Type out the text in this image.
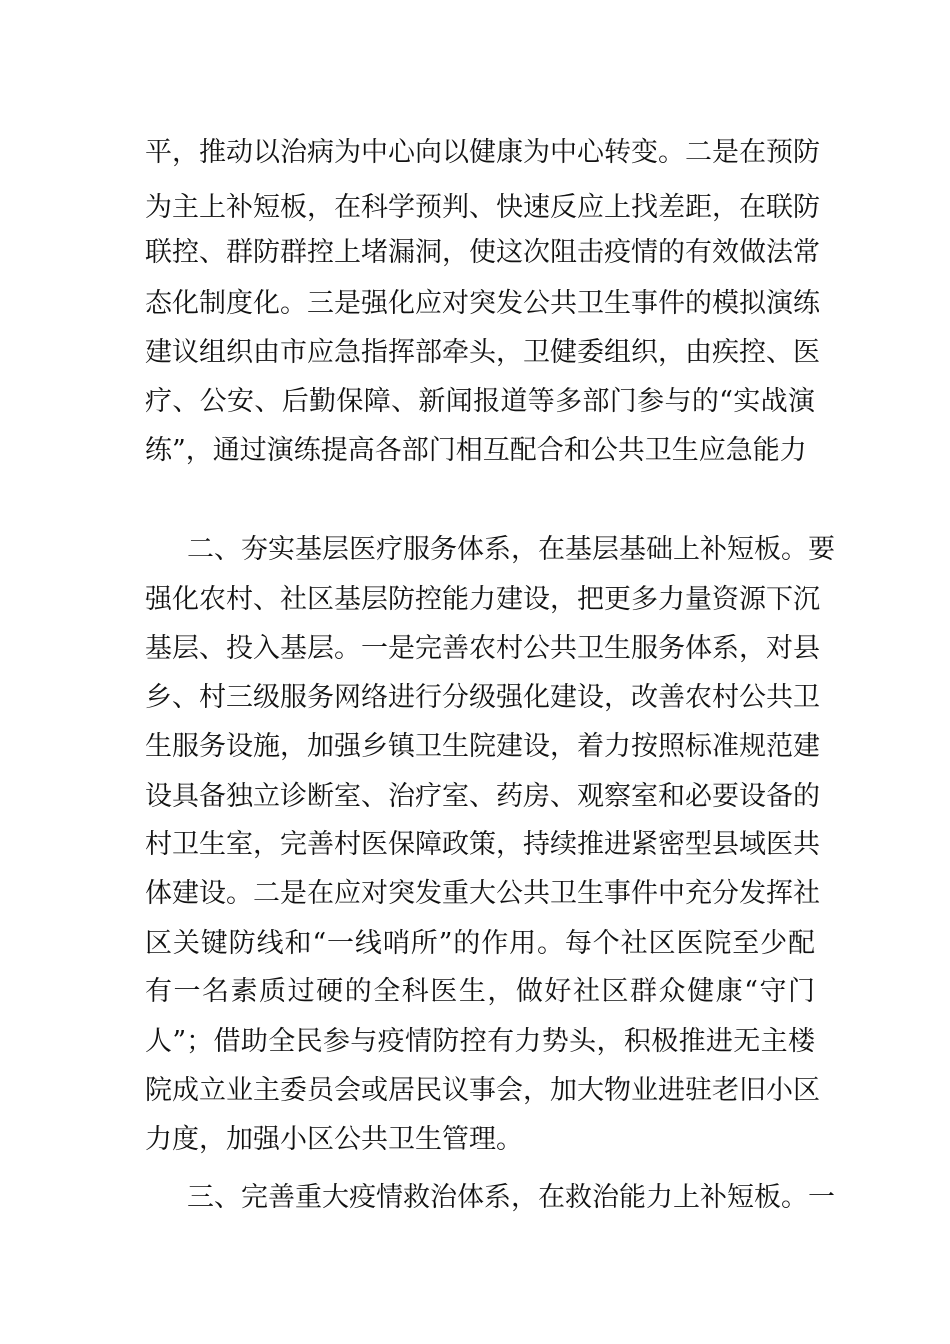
平，推动以治病为中心向以健康为中心转变。二是在预防
为主上补短板，在科学预判、快速反应上找差距，在联防
联控、群防群控上堵漏洞，使这次阻击疫情的有效做法常
态化制度化。三是强化应对突发公共卫生事件的模拟演练
建议组织由市应急指挥部牵头，卫健委组织，由疾控、医
疗、公安、后勤保障、新闻报道等多部门参与的“实战演
练”，通过演练提高各部门相互配合和公共卫生应急能力
二、夯实基层医疗服务体系，在基层基础上补短板。要
强化农村、社区基层防控能力建设，把更多力量资源下沉
基层、投入基层。一是完善农村公共卫生服务体系，对县
乡、村三级服务网络进行分级强化建设，改善农村公共卫
生服务设施，加强乡镇卫生院建设，着力按照标准规范建
设具备独立诊断室、治疗室、药房、观察室和必要设备的
村卫生室，完善村医保障政策，持续推进紧密型县域医共
体建设。二是在应对突发重大公共卫生事件中充分发挥社
区关键防线和“一线哨所”的作用。每个社区医院至少配
有一名素质过硬的全科医生，做好社区群众健康“守门
人”；借助全民参与疫情防控有力势头，积极推进无主楼
院成立业主委员会或居民议事会，加大物业进驻老旧小区
力度，加强小区公共卫生管理。
三、完善重大疫情救治体系，在救治能力上补短板。一
